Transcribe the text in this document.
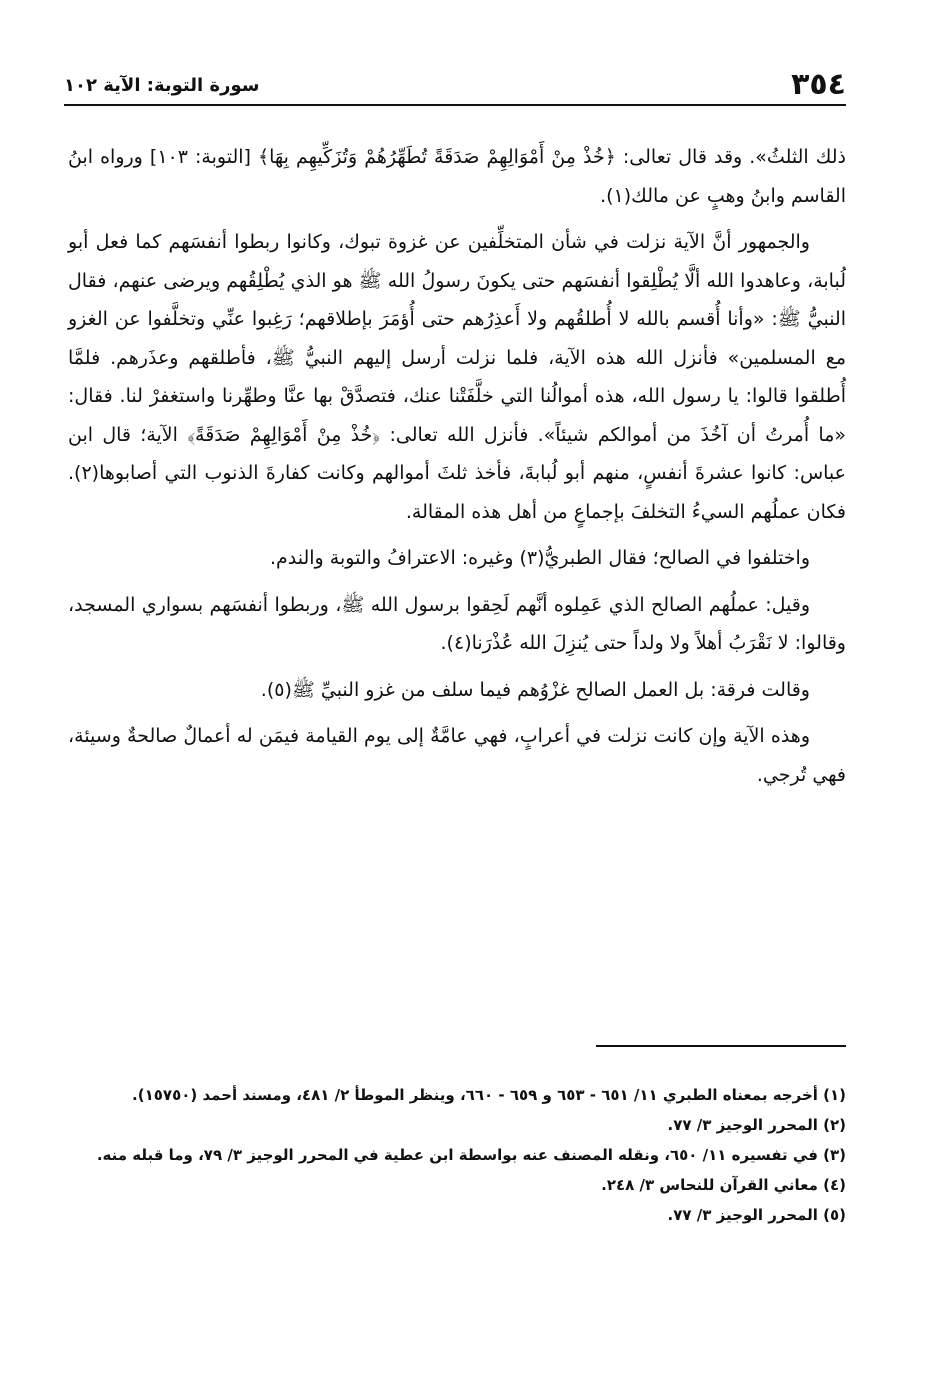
٣٥٤
سورة التوبة: الآية ١٠٢

ذلك الثلثُ». وقد قال تعالى: ﴿خُذْ مِنْ أَمْوَالِهِمْ صَدَقَةً تُطَهِّرُهُمْ وَتُزَكِّيهِم بِهَا﴾ [التوبة: ١٠٣] ورواه ابنُ القاسم وابنُ وهبٍ عن مالك(١).

والجمهور أنَّ الآية نزلت في شأن المتخلِّفين عن غزوة تبوك، وكانوا ربطوا أنفسَهم كما فعل أبو لُبابة، وعاهدوا الله ألَّا يُطْلِقوا أنفسَهم حتى يكونَ رسولُ الله ﷺ هو الذي يُطْلِقُهم ويرضى عنهم، فقال النبيُّ ﷺ: «وأنا أُقسم بالله لا أُطلقُهم ولا أَعذِرُهم حتى أُؤمَرَ بإطلاقهم؛ رَغِبوا عنِّي وتخلَّفوا عن الغزو مع المسلمين» فأنزل الله هذه الآية، فلما نزلت أرسل إليهم النبيُّ ﷺ، فأطلقهم وعذَرهم. فلمَّا أُطلقوا قالوا: يا رسول الله، هذه أموالُنا التي خلَّفَتْنا عنك، فتصدَّقْ بها عنَّا وطهِّرنا واستغفرْ لنا. فقال: «ما أُمرتُ أن آخُذَ من أموالكم شيئاً». فأنزل الله تعالى: ﴿خُذْ مِنْ أَمْوَالِهِمْ صَدَقَةً﴾ الآية؛ قال ابن عباس: كانوا عشرةَ أنفسٍ، منهم أبو لُبابةَ، فأخذ ثلثَ أموالهم وكانت كفارةَ الذنوب التي أصابوها(٢). فكان عملُهم السيءُ التخلفَ بإجماعٍ من أهل هذه المقالة.

واختلفوا في الصالح؛ فقال الطبريُّ(٣) وغيره: الاعترافُ والتوبة والندم.

وقيل: عملُهم الصالح الذي عَمِلوه أنَّهم لَحِقوا برسول الله ﷺ، وربطوا أنفسَهم بسواري المسجد، وقالوا: لا نَقْرَبُ أهلاً ولا ولداً حتى يُنزِلَ الله عُذْرَنا(٤).

وقالت فرقة: بل العمل الصالح غزْوُهم فيما سلف من غزو النبيِّ ﷺ(٥).

وهذه الآية وإن كانت نزلت في أعرابٍ، فهي عامَّةٌ إلى يوم القيامة فيمَن له أعمالٌ صالحةٌ وسيئة، فهي تُرجي.

(١) أخرجه بمعناه الطبري ١١/ ٦٥١ - ٦٥٣ و ٦٥٩ - ٦٦٠، وينظر الموطأ ٢/ ٤٨١، ومسند أحمد (١٥٧٥٠).

(٢) المحرر الوجيز ٣/ ٧٧.

(٣) في تفسيره ١١/ ٦٥٠، ونقله المصنف عنه بواسطة ابن عطية في المحرر الوجيز ٣/ ٧٩، وما قبله منه.

(٤) معاني القرآن للنحاس ٣/ ٢٤٨.

(٥) المحرر الوجيز ٣/ ٧٧.
